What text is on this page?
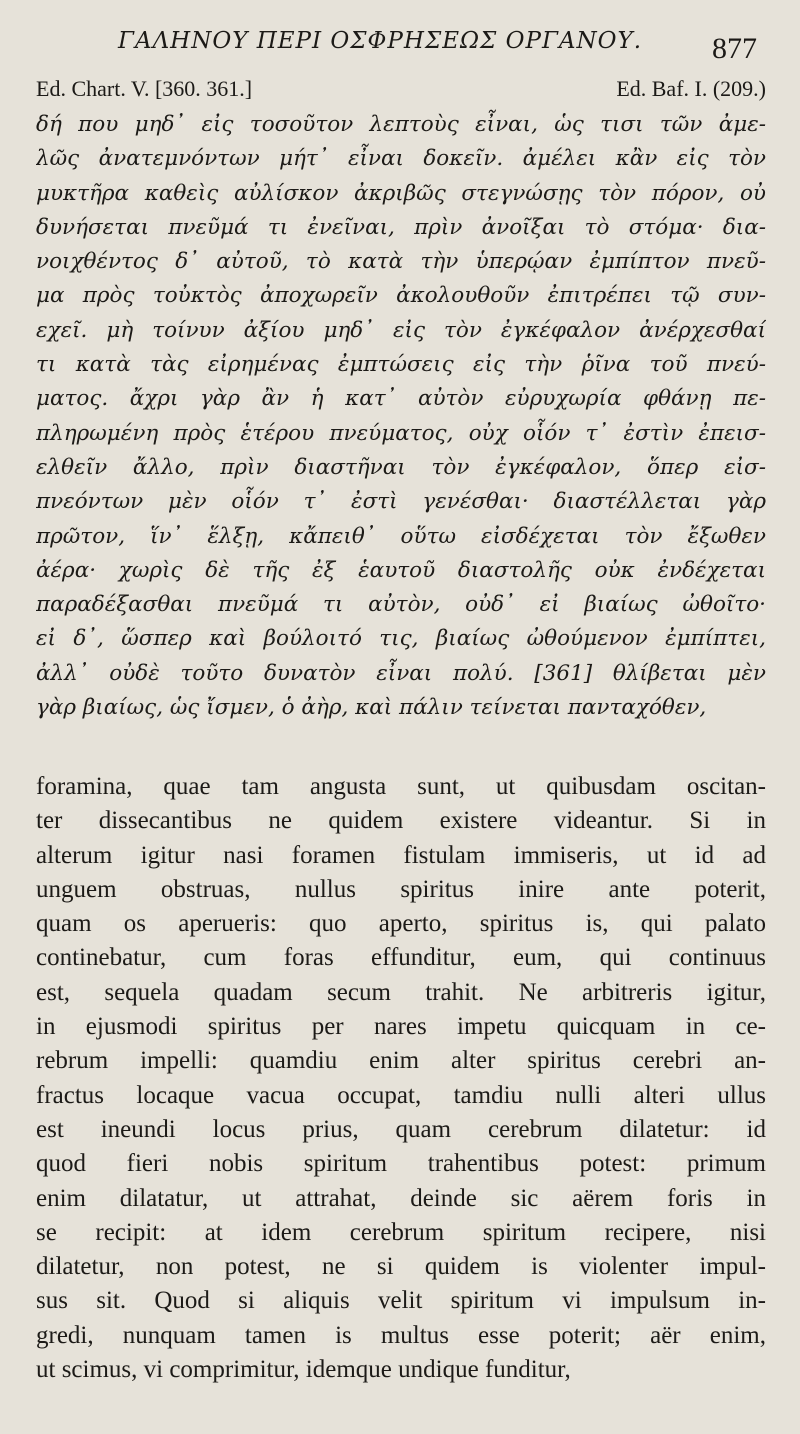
ΓΑΛΗΝΟΥ ΠΕΡΙ ΟΣΦΡΗΣΕΩΣ ΟΡΓΑΝΟΥ. 877
Ed. Chart. V. [360. 361.]	Ed. Baf. I. (209.)
δή που μηδ᾽ εἰς τοσοῦτον λεπτοὺς εἶναι, ὡς τισι τῶν ἀμε-
λῶς ἀνατεμνόντων μήτ᾽ εἶναι δοκεῖν. ἀμέλει κἂν εἰς τὸν
μυκτῆρα καθεὶς αὐλίσκον ἀκριβῶς στεγνώσῃς τὸν πόρον, οὐ
δυνήσεται πνεῦμά τι ἐνεῖναι, πρὶν ἀνοῖξαι τὸ στόμα· δια-
νοιχθέντος δ᾽ αὐτοῦ, τὸ κατὰ τὴν ὑπερῴαν ἐμπίπτον πνεῦ-
μα πρὸς τοὐκτὸς ἀποχωρεῖν ἀκολουθοῦν ἐπιτρέπει τῷ συν-
εχεῖ. μὴ τοίνυν ἀξίου μηδ᾽ εἰς τὸν ἐγκέφαλον ἀνέρχεσθαί
τι κατὰ τὰς εἰρημένας ἐμπτώσεις εἰς τὴν ῥῖνα τοῦ πνεύ-
ματος. ἄχρι γὰρ ἂν ἡ κατ᾽ αὐτὸν εὐρυχωρία φθάνῃ πε-
πληρωμένη πρὸς ἑτέρου πνεύματος, οὐχ οἷόν τ᾽ ἐστὶν ἐπεισ-
ελθεῖν ἄλλο, πρὶν διαστῆναι τὸν ἐγκέφαλον, ὅπερ εἰσ-
πνεόντων μὲν οἷόν τ᾽ ἐστὶ γενέσθαι· διαστέλλεται γὰρ
πρῶτον, ἵν᾽ ἕλξῃ, κἄπειθ᾽ οὕτω εἰσδέχεται τὸν ἔξωθεν
ἀέρα· χωρὶς δὲ τῆς ἐξ ἑαυτοῦ διαστολῆς οὐκ ἐνδέχεται
παραδέξασθαι πνεῦμά τι αὐτὸν, οὐδ᾽ εἰ βιαίως ὠθοῖτο·
εἰ δ᾽, ὥσπερ καὶ βούλοιτό τις, βιαίως ὠθούμενον ἐμπίπτει,
ἀλλ᾽ οὐδὲ τοῦτο δυνατὸν εἶναι πολύ. [361] θλίβεται μὲν
γὰρ βιαίως, ὡς ἴσμεν, ὁ ἀὴρ, καὶ πάλιν τείνεται πανταχόθεν,
foramina, quae tam angusta sunt, ut quibusdam oscitan-
ter dissecantibus ne quidem existere videantur. Si in
alterum igitur nasi foramen fistulam immiseris, ut id ad
unguem obstruas, nullus spiritus inire ante poterit,
quam os aperueris: quo aperto, spiritus is, qui palato
continebatur, cum foras effunditur, eum, qui continuus
est, sequela quadam secum trahit. Ne arbitreris igitur,
in ejusmodi spiritus per nares impetu quicquam in ce-
rebrum impelli: quamdiu enim alter spiritus cerebri an-
fractus locaque vacua occupat, tamdiu nulli alteri ullus
est ineundi locus prius, quam cerebrum dilatetur: id
quod fieri nobis spiritum trahentibus potest: primum
enim dilatatur, ut attrahat, deinde sic aërem foris in
se recipit: at idem cerebrum spiritum recipere, nisi
dilatetur, non potest, ne si quidem is violenter impul-
sus sit. Quod si aliquis velit spiritum vi impulsum in-
gredi, nunquam tamen is multus esse poterit; aër enim,
ut scimus, vi comprimitur, idemque undique funditur,
